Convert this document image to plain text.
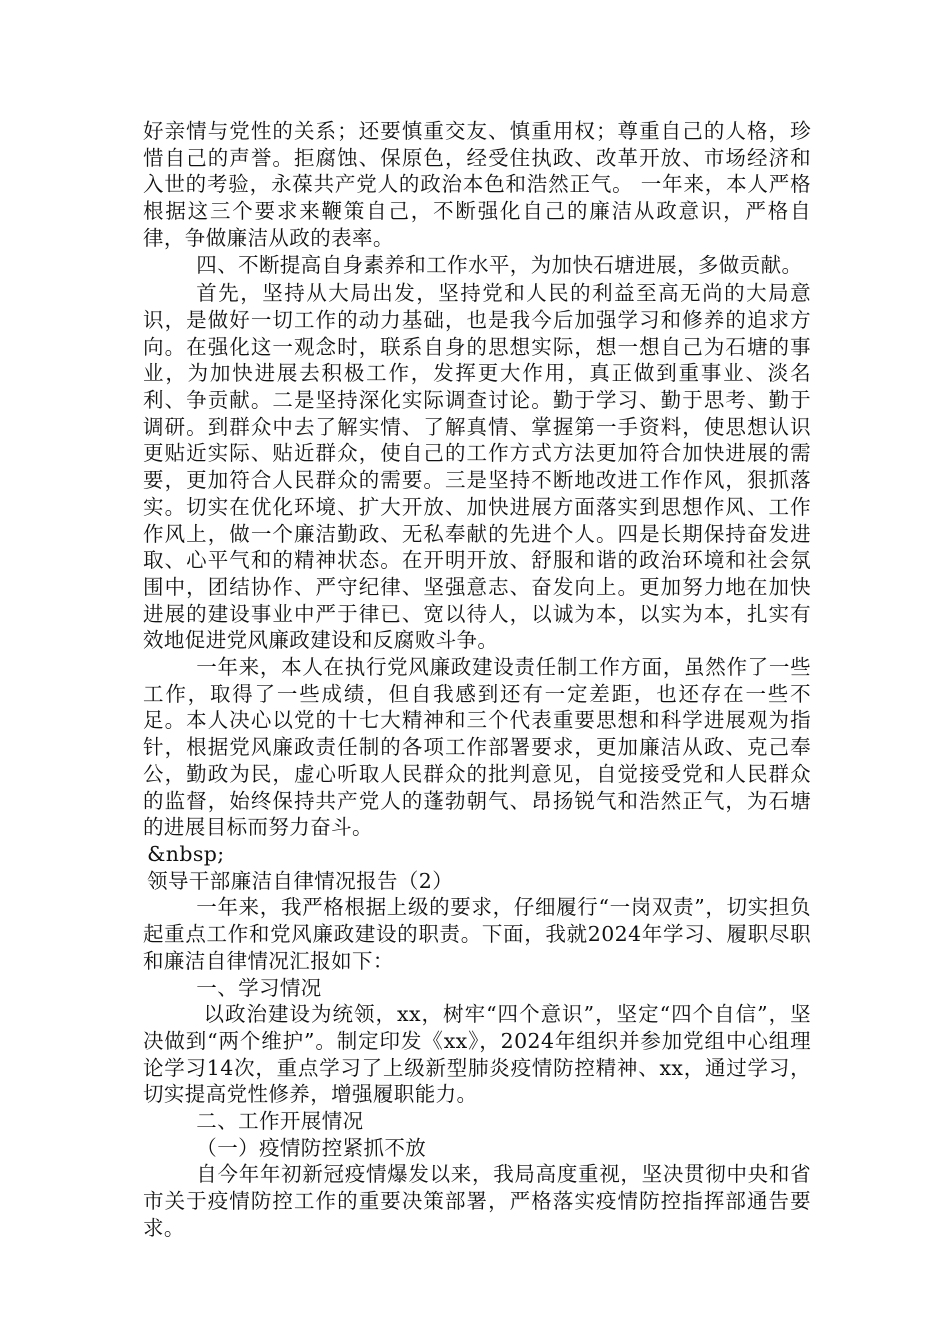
好亲情与党性的关系；还要慎重交友、慎重用权；尊重自己的人格，珍惜自己的声誉。拒腐蚀、保原色，经受住执政、改革开放、市场经济和入世的考验，永葆共产党人的政治本色和浩然正气。 一年来，本人严格根据这三个要求来鞭策自己，不断强化自己的廉洁从政意识，严格自律，争做廉洁从政的表率。

四、不断提高自身素养和工作水平，为加快石塘进展，多做贡献。

首先，坚持从大局出发，坚持党和人民的利益至高无尚的大局意识，是做好一切工作的动力基础，也是我今后加强学习和修养的追求方向。在强化这一观念时，联系自身的思想实际，想一想自己为石塘的事业，为加快进展去积极工作，发挥更大作用，真正做到重事业、淡名利、争贡献。二是坚持深化实际调查讨论。勤于学习、勤于思考、勤于调研。到群众中去了解实情、了解真情、掌握第一手资料，使思想认识更贴近实际、贴近群众，使自己的工作方式方法更加符合加快进展的需要，更加符合人民群众的需要。三是坚持不断地改进工作作风，狠抓落实。切实在优化环境、扩大开放、加快进展方面落实到思想作风、工作作风上，做一个廉洁勤政、无私奉献的先进个人。四是长期保持奋发进取、心平气和的精神状态。在开明开放、舒服和谐的政治环境和社会氛围中，团结协作、严守纪律、坚强意志、奋发向上。更加努力地在加快进展的建设事业中严于律已、宽以待人，以诚为本，以实为本，扎实有效地促进党风廉政建设和反腐败斗争。

一年来，本人在执行党风廉政建设责任制工作方面，虽然作了一些工作，取得了一些成绩，但自我感到还有一定差距，也还存在一些不足。本人决心以党的十七大精神和三个代表重要思想和科学进展观为指针，根据党风廉政责任制的各项工作部署要求，更加廉洁从政、克己奉公，勤政为民，虚心听取人民群众的批判意见，自觉接受党和人民群众的监督，始终保持共产党人的蓬勃朝气、昂扬锐气和浩然正气，为石塘的进展目标而努力奋斗。

&nbsp;

领导干部廉洁自律情况报告（2）

一年来，我严格根据上级的要求，仔细履行“一岗双责”，切实担负起重点工作和党风廉政建设的职责。下面，我就2024年学习、履职尽职和廉洁自律情况汇报如下：

一、学习情况

以政治建设为统领，xx，树牢“四个意识”，坚定“四个自信”，坚决做到“两个维护”。制定印发《xx》，2024年组织并参加党组中心组理论学习14次，重点学习了上级新型肺炎疫情防控精神、xx，通过学习，切实提高党性修养，增强履职能力。

二、工作开展情况

（一）疫情防控紧抓不放

自今年年初新冠疫情爆发以来，我局高度重视，坚决贯彻中央和省市关于疫情防控工作的重要决策部署，严格落实疫情防控指挥部通告要求。
